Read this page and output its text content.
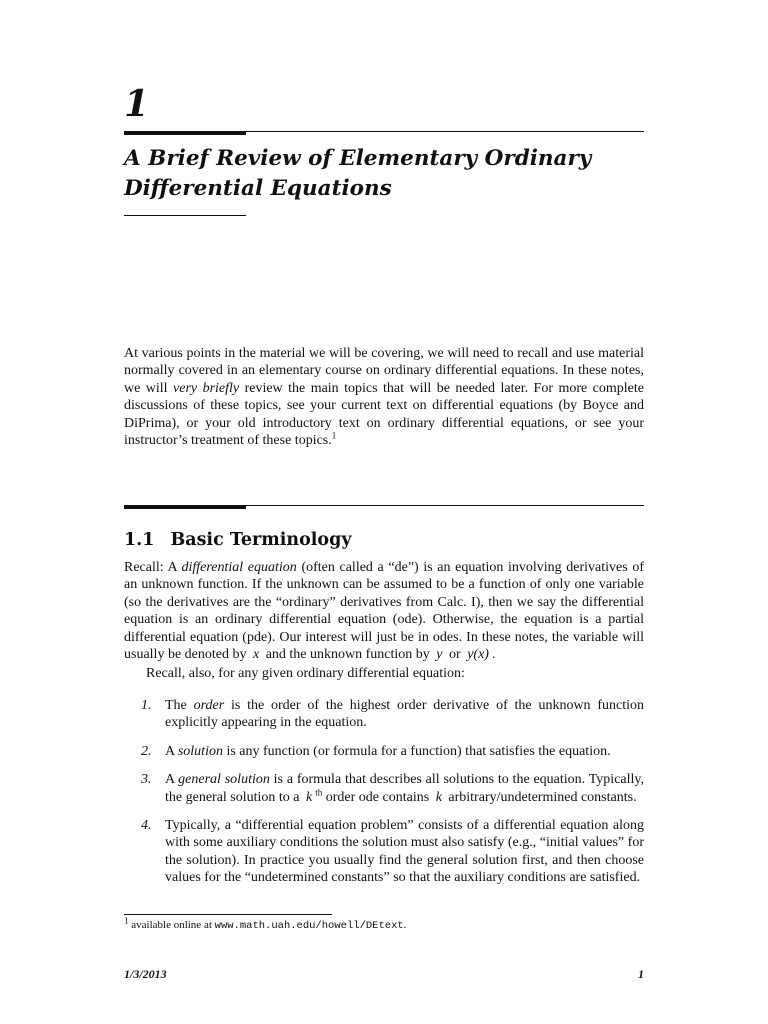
1
A Brief Review of Elementary Ordinary
Differential Equations

At various points in the material we will be covering, we will need to recall and use material normally covered in an elementary course on ordinary differential equations. In these notes, we will very briefly review the main topics that will be needed later. For more complete discussions of these topics, see your current text on differential equations (by Boyce and DiPrima), or your old introductory text on ordinary differential equations, or see your instructor’s treatment of these topics.$^1$

1.1 Basic Terminology

Recall: A differential equation (often called a “de”) is an equation involving derivatives of an unknown function. If the unknown can be assumed to be a function of only one variable (so the derivatives are the “ordinary” derivatives from Calc. I), then we say the differential equation is an ordinary differential equation (ode). Otherwise, the equation is a partial differential equation (pde). Our interest will just be in odes. In these notes, the variable will usually be denoted by x and the unknown function by y or y(x) .

Recall, also, for any given ordinary differential equation:

1. The order is the order of the highest order derivative of the unknown function explicitly appearing in the equation.
2. A solution is any function (or formula for a function) that satisfies the equation.
3. A general solution is a formula that describes all solutions to the equation. Typically, the general solution to a k $^{th}$ order ode contains k arbitrary/undetermined constants.
4. Typically, a “differential equation problem” consists of a differential equation along with some auxiliary conditions the solution must also satisfy (e.g., “initial values” for the solution). In practice you usually find the general solution first, and then choose values for the “undetermined constants” so that the auxiliary conditions are satisfied.
$^1$ available online at www.math.uah.edu/howell/DEtext.
1/3/2013	1
